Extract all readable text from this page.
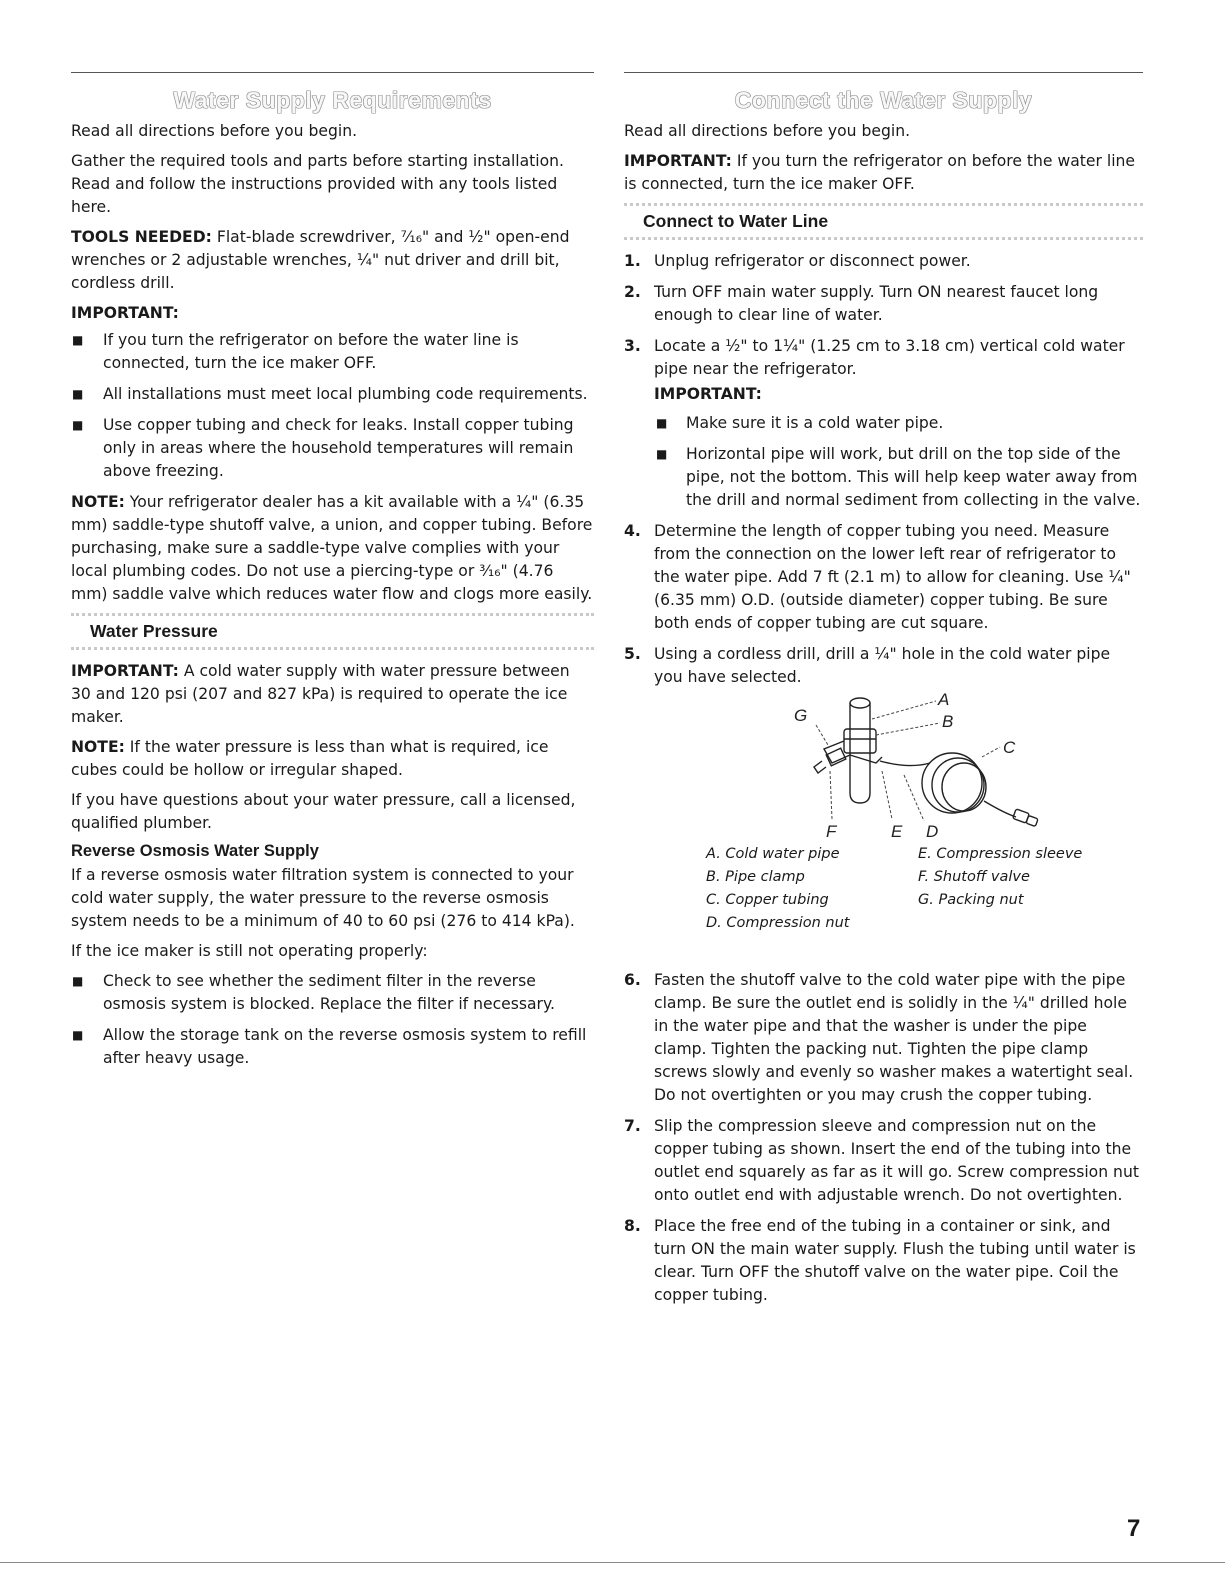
Water Supply Requirements

Read all directions before you begin.

Gather the required tools and parts before starting installation. Read and follow the instructions provided with any tools listed here.

TOOLS NEEDED: Flat-blade screwdriver, ⁷⁄₁₆" and ½" open-end wrenches or 2 adjustable wrenches, ¼" nut driver and drill bit, cordless drill.

IMPORTANT:

■ If you turn the refrigerator on before the water line is connected, turn the ice maker OFF.
■ All installations must meet local plumbing code requirements.
■ Use copper tubing and check for leaks. Install copper tubing only in areas where the household temperatures will remain above freezing.

NOTE: Your refrigerator dealer has a kit available with a ¼" (6.35 mm) saddle-type shutoff valve, a union, and copper tubing. Before purchasing, make sure a saddle-type valve complies with your local plumbing codes. Do not use a piercing-type or ³⁄₁₆" (4.76 mm) saddle valve which reduces water flow and clogs more easily.

Water Pressure

IMPORTANT: A cold water supply with water pressure between 30 and 120 psi (207 and 827 kPa) is required to operate the ice maker.

NOTE: If the water pressure is less than what is required, ice cubes could be hollow or irregular shaped.

If you have questions about your water pressure, call a licensed, qualified plumber.

Reverse Osmosis Water Supply

If a reverse osmosis water filtration system is connected to your cold water supply, the water pressure to the reverse osmosis system needs to be a minimum of 40 to 60 psi (276 to 414 kPa).

If the ice maker is still not operating properly:

■ Check to see whether the sediment filter in the reverse osmosis system is blocked. Replace the filter if necessary.
■ Allow the storage tank on the reverse osmosis system to refill after heavy usage.
Connect the Water Supply

Read all directions before you begin.

IMPORTANT: If you turn the refrigerator on before the water line is connected, turn the ice maker OFF.

Connect to Water Line
1. Unplug refrigerator or disconnect power.
2. Turn OFF main water supply. Turn ON nearest faucet long enough to clear line of water.
3. Locate a ½" to 1¼" (1.25 cm to 3.18 cm) vertical cold water pipe near the refrigerator.
IMPORTANT:
■ Make sure it is a cold water pipe.
■ Horizontal pipe will work, but drill on the top side of the pipe, not the bottom. This will help keep water away from the drill and normal sediment from collecting in the valve.
4. Determine the length of copper tubing you need. Measure from the connection on the lower left rear of refrigerator to the water pipe. Add 7 ft (2.1 m) to allow for cleaning. Use ¼" (6.35 mm) O.D. (outside diameter) copper tubing. Be sure both ends of copper tubing are cut square.
5. Using a cordless drill, drill a ¼" hole in the cold water pipe you have selected.
A
B
C
D
E
F
G
A. Cold water pipe
B. Pipe clamp
C. Copper tubing
D. Compression nut
E. Compression sleeve
F. Shutoff valve
G. Packing nut
6. Fasten the shutoff valve to the cold water pipe with the pipe clamp. Be sure the outlet end is solidly in the ¼" drilled hole in the water pipe and that the washer is under the pipe clamp. Tighten the packing nut. Tighten the pipe clamp screws slowly and evenly so washer makes a watertight seal. Do not overtighten or you may crush the copper tubing.
7. Slip the compression sleeve and compression nut on the copper tubing as shown. Insert the end of the tubing into the outlet end squarely as far as it will go. Screw compression nut onto outlet end with adjustable wrench. Do not overtighten.
8. Place the free end of the tubing in a container or sink, and turn ON the main water supply. Flush the tubing until water is clear. Turn OFF the shutoff valve on the water pipe. Coil the copper tubing.
7
